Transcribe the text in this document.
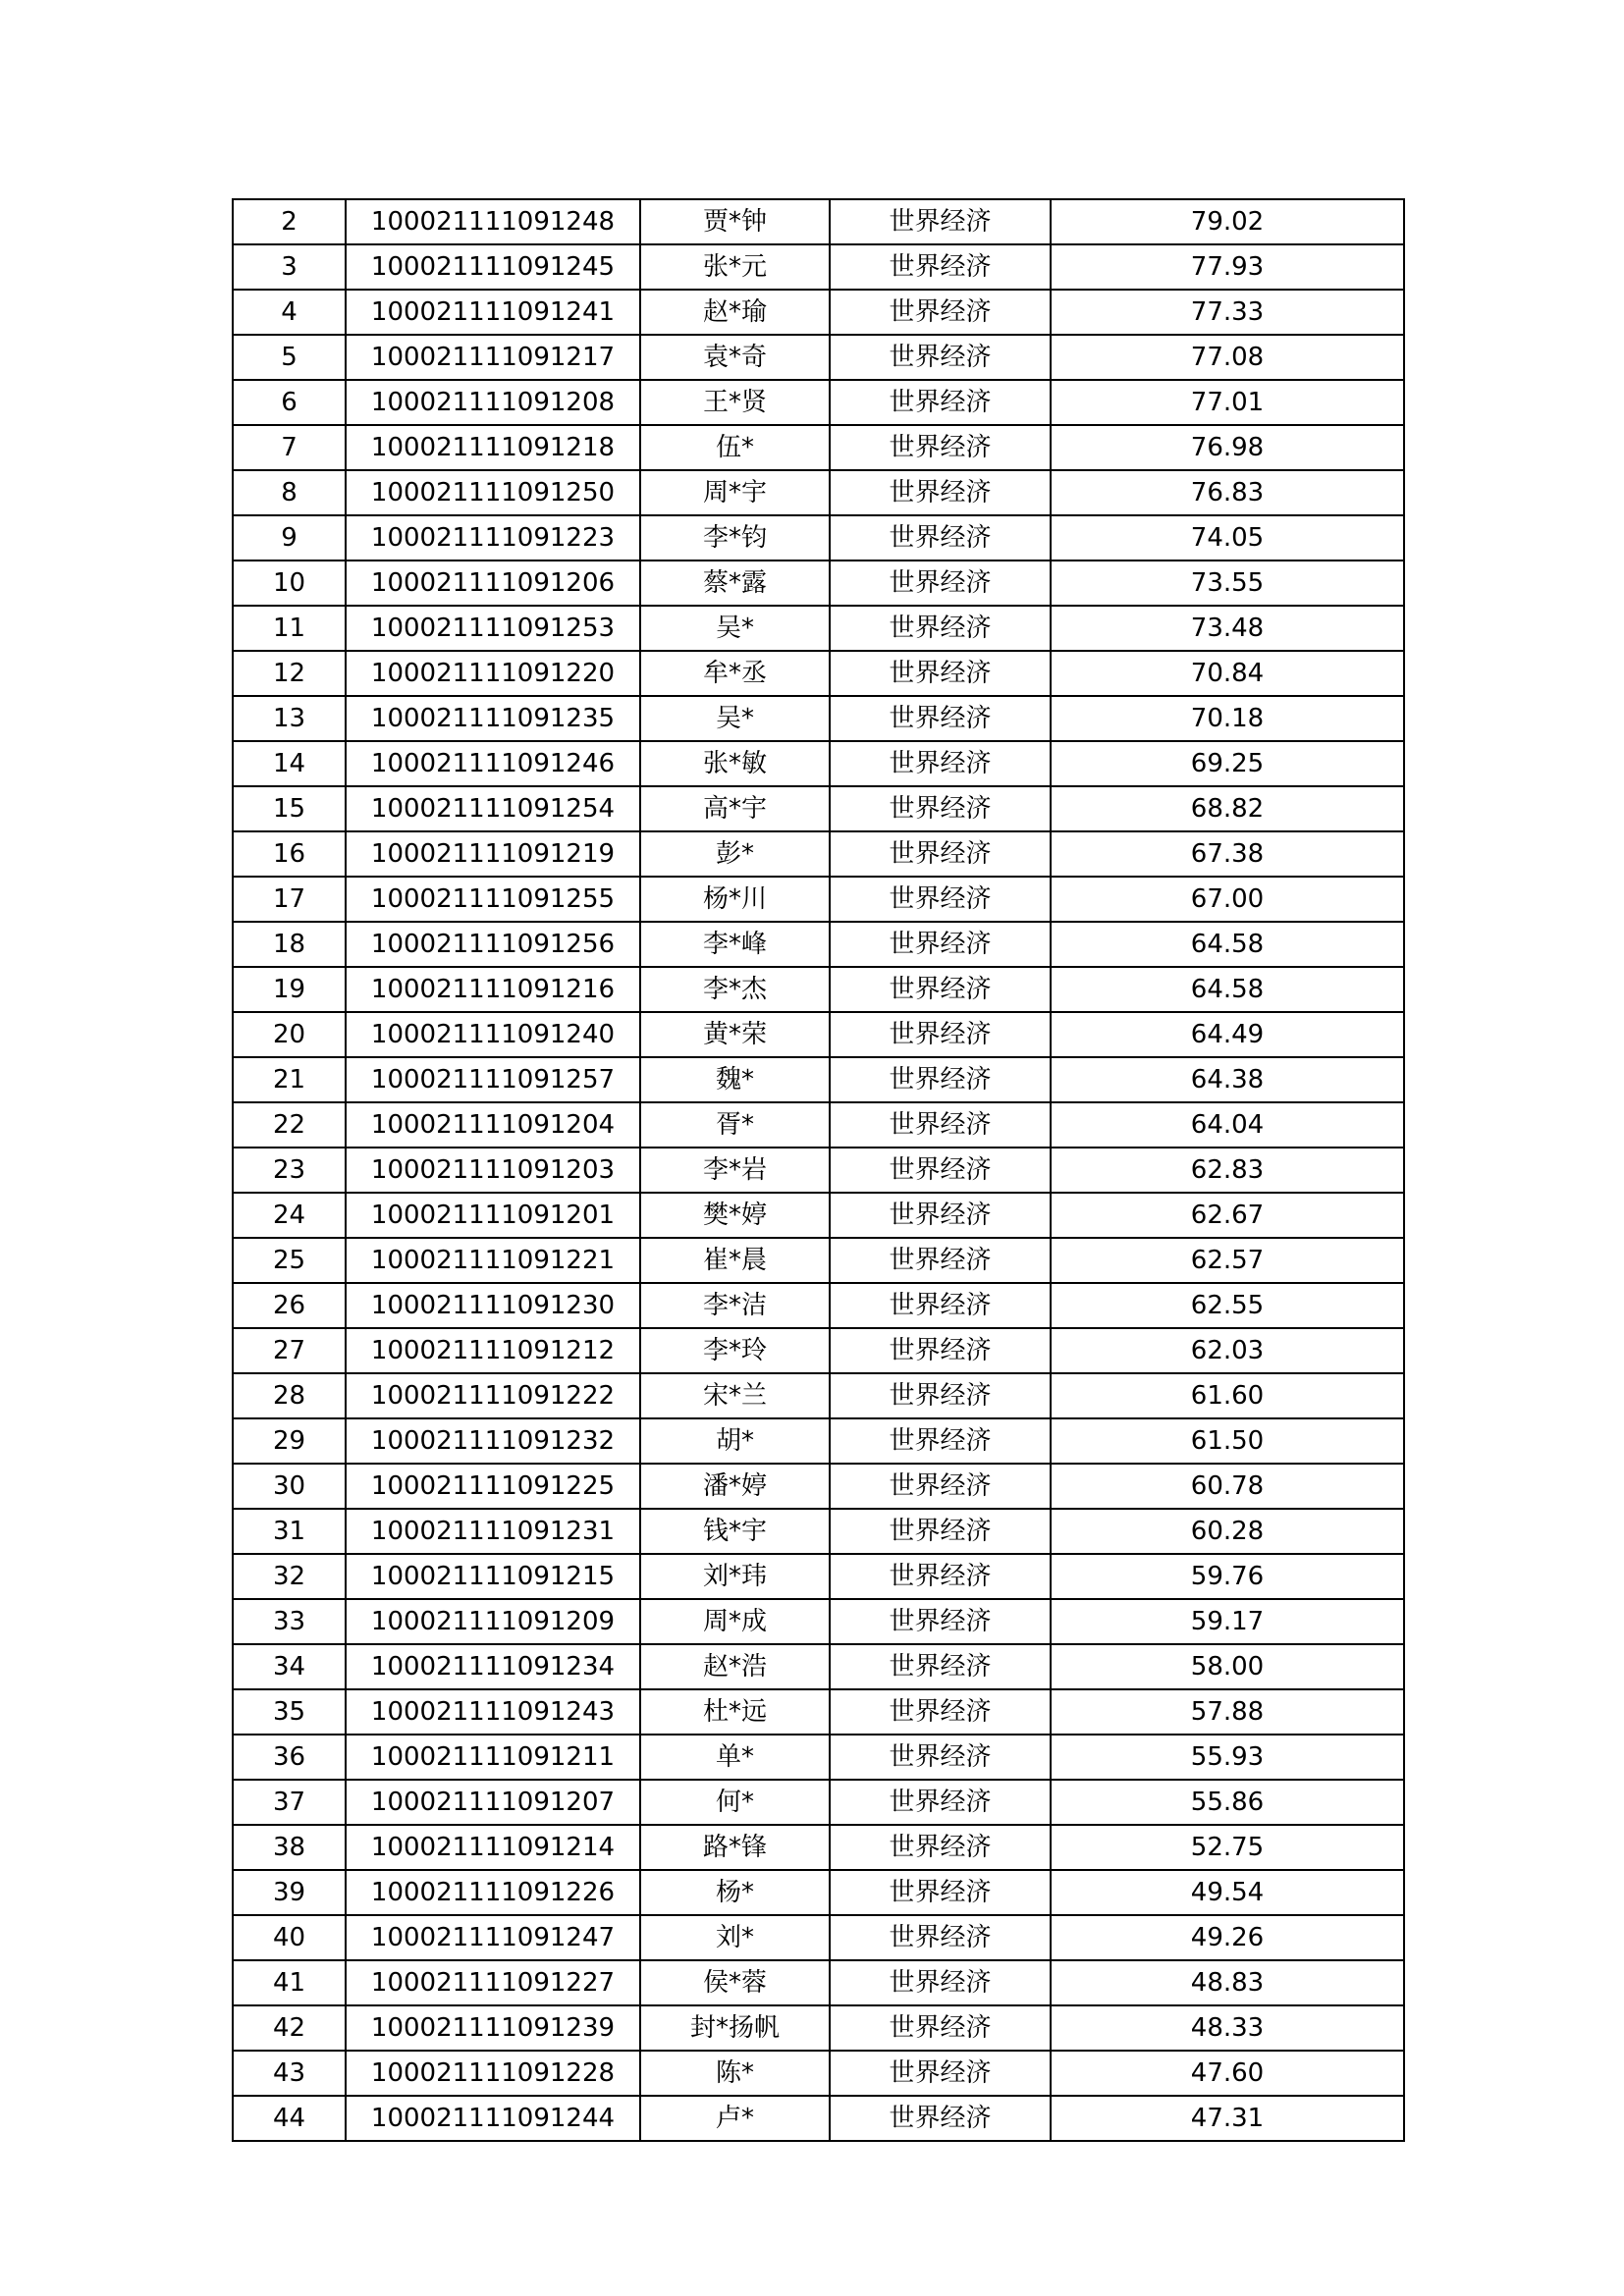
2	100021111091248	贾*钟	世界经济	79.02
3	100021111091245	张*元	世界经济	77.93
4	100021111091241	赵*瑜	世界经济	77.33
5	100021111091217	袁*奇	世界经济	77.08
6	100021111091208	王*贤	世界经济	77.01
7	100021111091218	伍*	世界经济	76.98
8	100021111091250	周*宇	世界经济	76.83
9	100021111091223	李*钧	世界经济	74.05
10	100021111091206	蔡*露	世界经济	73.55
11	100021111091253	吴*	世界经济	73.48
12	100021111091220	牟*丞	世界经济	70.84
13	100021111091235	吴*	世界经济	70.18
14	100021111091246	张*敏	世界经济	69.25
15	100021111091254	高*宇	世界经济	68.82
16	100021111091219	彭*	世界经济	67.38
17	100021111091255	杨*川	世界经济	67.00
18	100021111091256	李*峰	世界经济	64.58
19	100021111091216	李*杰	世界经济	64.58
20	100021111091240	黄*荣	世界经济	64.49
21	100021111091257	魏*	世界经济	64.38
22	100021111091204	胥*	世界经济	64.04
23	100021111091203	李*岩	世界经济	62.83
24	100021111091201	樊*婷	世界经济	62.67
25	100021111091221	崔*晨	世界经济	62.57
26	100021111091230	李*洁	世界经济	62.55
27	100021111091212	李*玲	世界经济	62.03
28	100021111091222	宋*兰	世界经济	61.60
29	100021111091232	胡*	世界经济	61.50
30	100021111091225	潘*婷	世界经济	60.78
31	100021111091231	钱*宇	世界经济	60.28
32	100021111091215	刘*玮	世界经济	59.76
33	100021111091209	周*成	世界经济	59.17
34	100021111091234	赵*浩	世界经济	58.00
35	100021111091243	杜*远	世界经济	57.88
36	100021111091211	单*	世界经济	55.93
37	100021111091207	何*	世界经济	55.86
38	100021111091214	路*锋	世界经济	52.75
39	100021111091226	杨*	世界经济	49.54
40	100021111091247	刘*	世界经济	49.26
41	100021111091227	侯*蓉	世界经济	48.83
42	100021111091239	封*扬帆	世界经济	48.33
43	100021111091228	陈*	世界经济	47.60
44	100021111091244	卢*	世界经济	47.31
